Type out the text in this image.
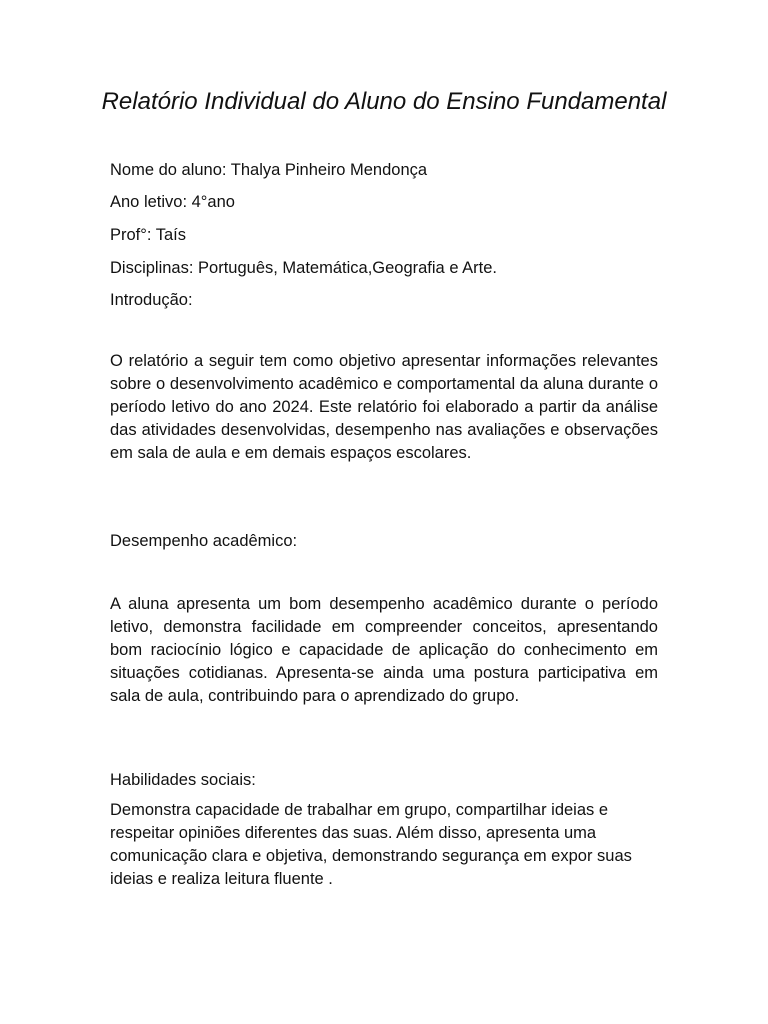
Relatório Individual do Aluno do Ensino Fundamental

Nome do aluno: Thalya Pinheiro Mendonça

Ano letivo: 4°ano

Prof°: Taís

Disciplinas: Português, Matemática,Geografia e Arte.

Introdução:

O relatório a seguir tem como objetivo apresentar informações relevantes sobre o desenvolvimento acadêmico e comportamental da aluna durante o período letivo do ano 2024. Este relatório foi elaborado a partir da análise das atividades desenvolvidas, desempenho nas avaliações e observações em sala de aula e em demais espaços escolares.

Desempenho acadêmico:

A aluna apresenta um bom desempenho acadêmico durante o período letivo, demonstra facilidade em compreender conceitos, apresentando bom raciocínio lógico e capacidade de aplicação do conhecimento em situações cotidianas. Apresenta-se ainda uma postura participativa em sala de aula, contribuindo para o aprendizado do grupo.

Habilidades sociais:

Demonstra capacidade de trabalhar em grupo, compartilhar ideias e respeitar opiniões diferentes das suas. Além disso, apresenta uma comunicação clara e objetiva, demonstrando segurança em expor suas ideias e realiza leitura fluente .
